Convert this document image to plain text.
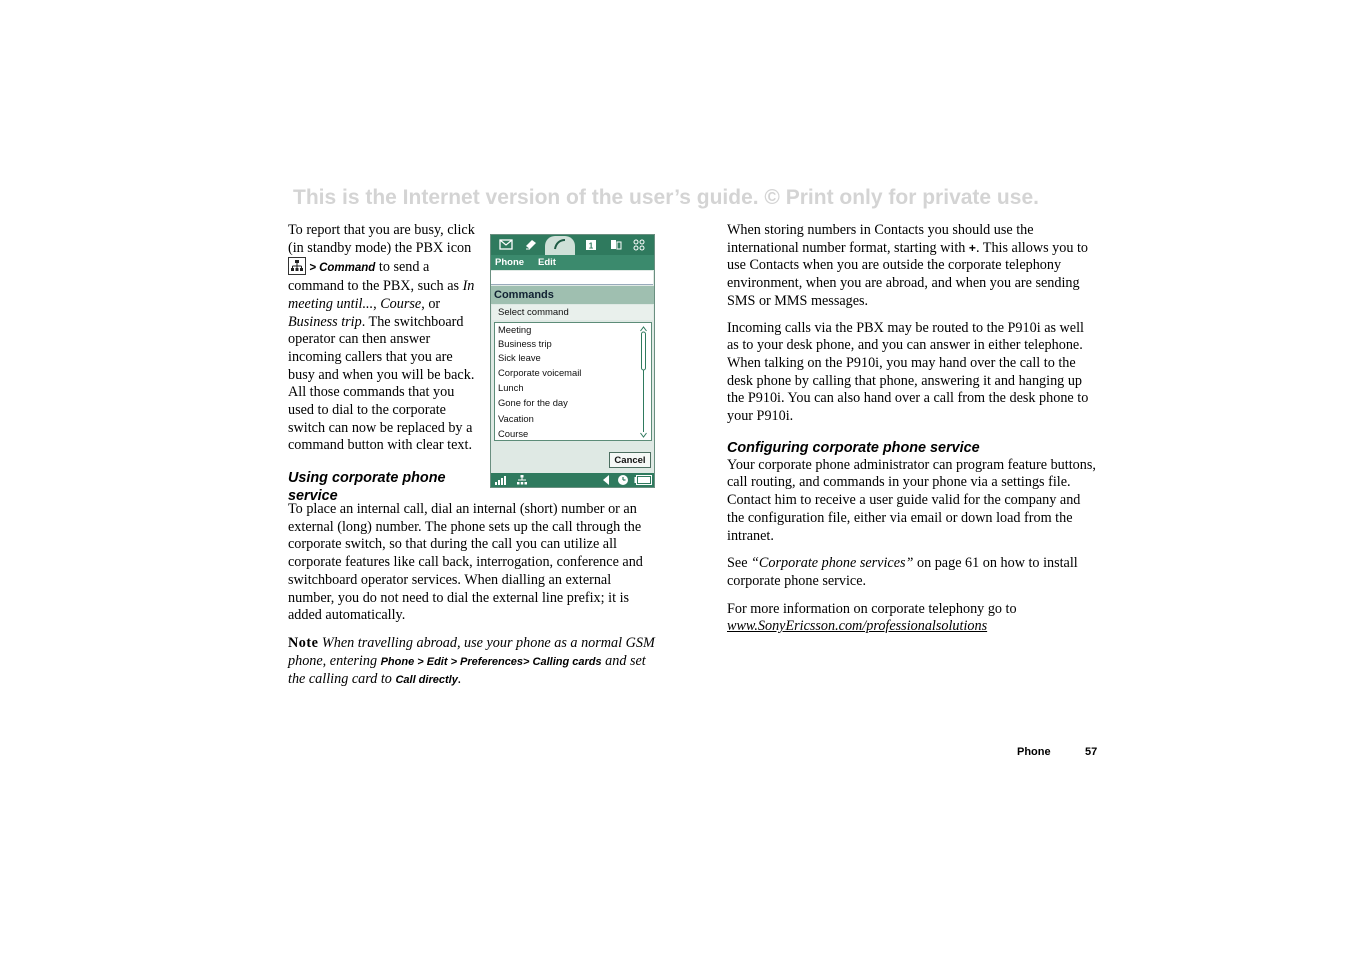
This is the Internet version of the user’s guide. © Print only for private use.

To report that you are busy, click (in standby mode) the PBX icon
> Command to send a command to the PBX, such as In meeting until..., Course, or Business trip. The switchboard operator can then answer incoming callers that you are busy and when you will be back. All those commands that you used to dial to the corporate switch can now be replaced by a command button with clear text.

Using corporate phone service

To place an internal call, dial an internal (short) number or an external (long) number. The phone sets up the call through the corporate switch, so that during the call you can utilize all corporate features like call back, interrogation, conference and switchboard operator services. When dialling an external number, you do not need to dial the external line prefix; it is added automatically.

Note When travelling abroad, use your phone as a normal GSM phone, entering Phone > Edit > Preferences> Calling cards and set the calling card to Call directly.

1
Phone Edit
Commands
Select command
Meeting
Business trip
Sick leave
Corporate voicemail
Lunch
Gone for the day
Vacation
Course
Cancel

When storing numbers in Contacts you should use the international number format, starting with +. This allows you to use Contacts when you are outside the corporate telephony environment, when you are abroad, and when you are sending SMS or MMS messages.

Incoming calls via the PBX may be routed to the P910i as well as to your desk phone, and you can answer in either telephone. When talking on the P910i, you may hand over the call to the desk phone by calling that phone, answering it and hanging up the P910i. You can also hand over a call from the desk phone to your P910i.

Configuring corporate phone service

Your corporate phone administrator can program feature buttons, call routing, and commands in your phone via a settings file. Contact him to receive a user guide valid for the company and the configuration file, either via email or down load from the intranet.

See “Corporate phone services” on page 61 on how to install corporate phone service.

For more information on corporate telephony go to

www.SonyEricsson.com/professionalsolutions

Phone	57
